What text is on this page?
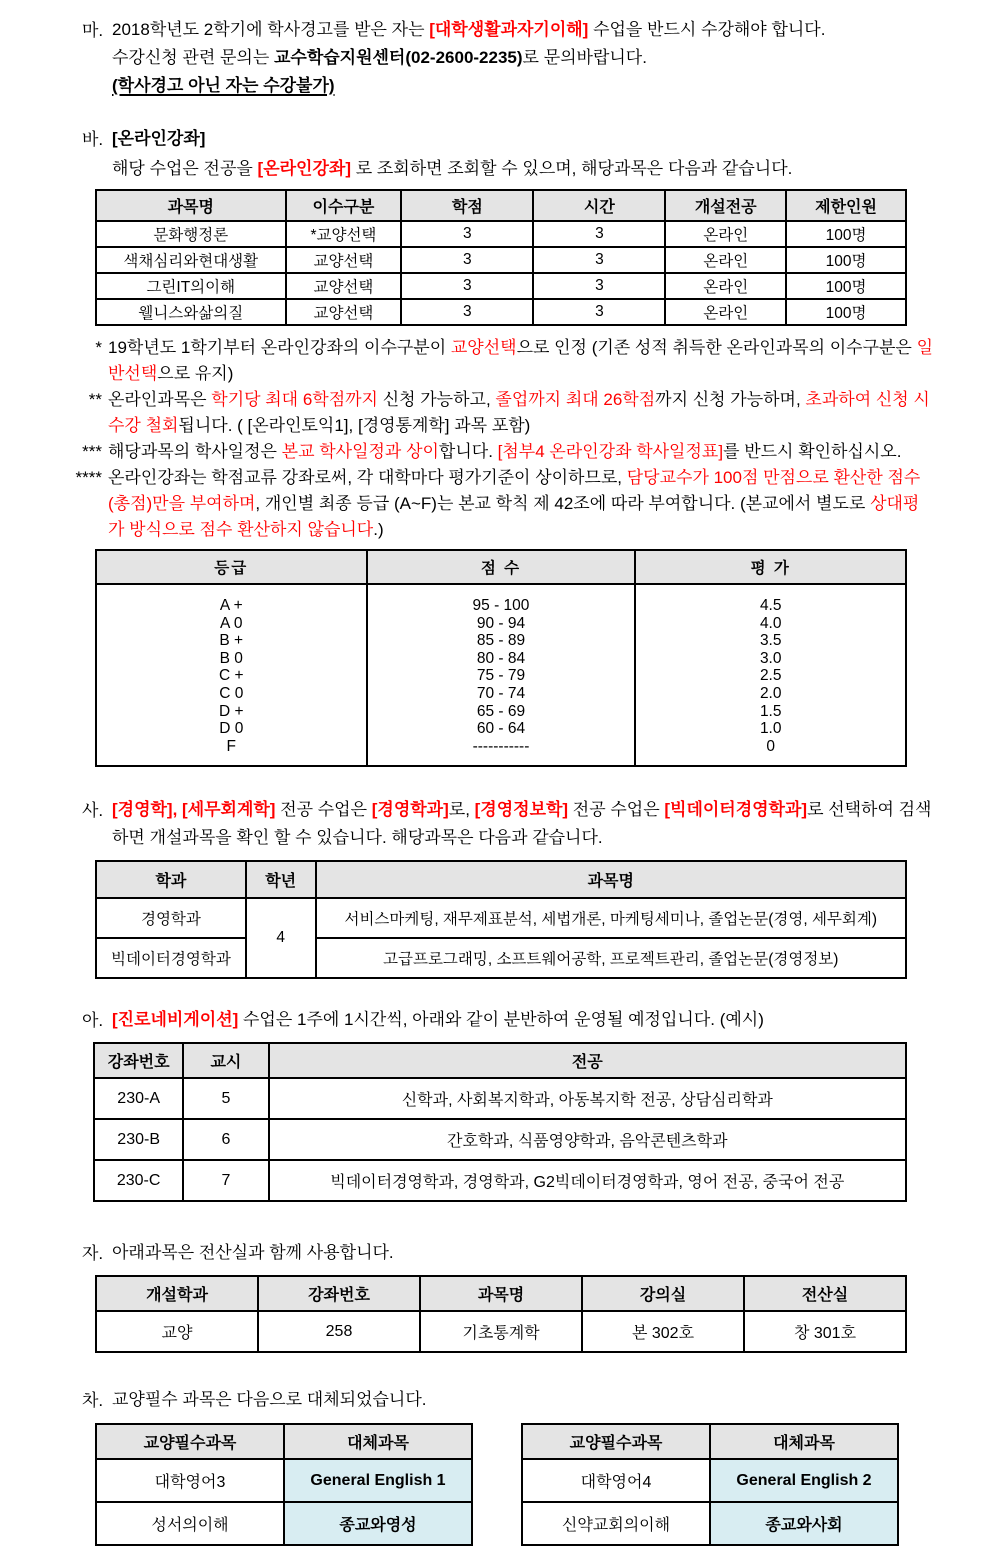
마. 2018학년도 2학기에 학사경고를 받은 자는 [대학생활과자기이해] 수업을 반드시 수강해야 합니다.
수강신청 관련 문의는 교수학습지원센터(02-2600-2235)로 문의바랍니다.
(학사경고 아닌 자는 수강불가)
바. [온라인강좌]
해당 수업은 전공을 [온라인강좌] 로 조회하면 조회할 수 있으며, 해당과목은 다음과 같습니다.
과목명	이수구분	학점	시간	개설전공	제한인원
문화행정론	*교양선택	3	3	온라인	100명
색채심리와현대생활	교양선택	3	3	온라인	100명
그린IT의이해	교양선택	3	3	온라인	100명
웰니스와삶의질	교양선택	3	3	온라인	100명
* 19학년도 1학기부터 온라인강좌의 이수구분이 교양선택으로 인정 (기존 성적 취득한 온라인과목의 이수구분은 일반선택으로 유지)
** 온라인과목은 학기당 최대 6학점까지 신청 가능하고, 졸업까지 최대 26학점까지 신청 가능하며, 초과하여 신청 시 수강 철회됩니다. ( [온라인토익1], [경영통계학] 과목 포함)
*** 해당과목의 학사일정은 본교 학사일정과 상이합니다. [첨부4 온라인강좌 학사일정표]를 반드시 확인하십시오.
**** 온라인강좌는 학점교류 강좌로써, 각 대학마다 평가기준이 상이하므로, 담당교수가 100점 만점으로 환산한 점수(총점)만을 부여하며, 개인별 최종 등급 (A~F)는 본교 학칙 제 42조에 따라 부여합니다. (본교에서 별도로 상대평가 방식으로 점수 환산하지 않습니다.)
등급	점 수	평 가
A +	95 - 100	4.5
A 0	90 - 94	4.0
B +	85 - 89	3.5
B 0	80 - 84	3.0
C +	75 - 79	2.5
C 0	70 - 74	2.0
D +	65 - 69	1.5
D 0	60 - 64	1.0
F	-----------	0
사. [경영학], [세무회계학] 전공 수업은 [경영학과]로, [경영정보학] 전공 수업은 [빅데이터경영학과]로 선택하여 검색하면 개설과목을 확인 할 수 있습니다. 해당과목은 다음과 같습니다.
학과	학년	과목명
경영학과	4	서비스마케팅, 재무제표분석, 세법개론, 마케팅세미나, 졸업논문(경영, 세무회계)
빅데이터경영학과		고급프로그래밍, 소프트웨어공학, 프로젝트관리, 졸업논문(경영정보)
아. [진로네비게이션] 수업은 1주에 1시간씩, 아래와 같이 분반하여 운영될 예정입니다. (예시)
강좌번호	교시	전공
230-A	5	신학과, 사회복지학과, 아동복지학 전공, 상담심리학과
230-B	6	간호학과, 식품영양학과, 음악콘텐츠학과
230-C	7	빅데이터경영학과, 경영학과, G2빅데이터경영학과, 영어 전공, 중국어 전공
자. 아래과목은 전산실과 함께 사용합니다.
개설학과	강좌번호	과목명	강의실	전산실
교양	258	기초통계학	본 302호	창 301호
차. 교양필수 과목은 다음으로 대체되었습니다.
교양필수과목	대체과목
대학영어3	General English 1
성서의이해	종교와영성
교양필수과목	대체과목
대학영어4	General English 2
신약교회의이해	종교와사회
